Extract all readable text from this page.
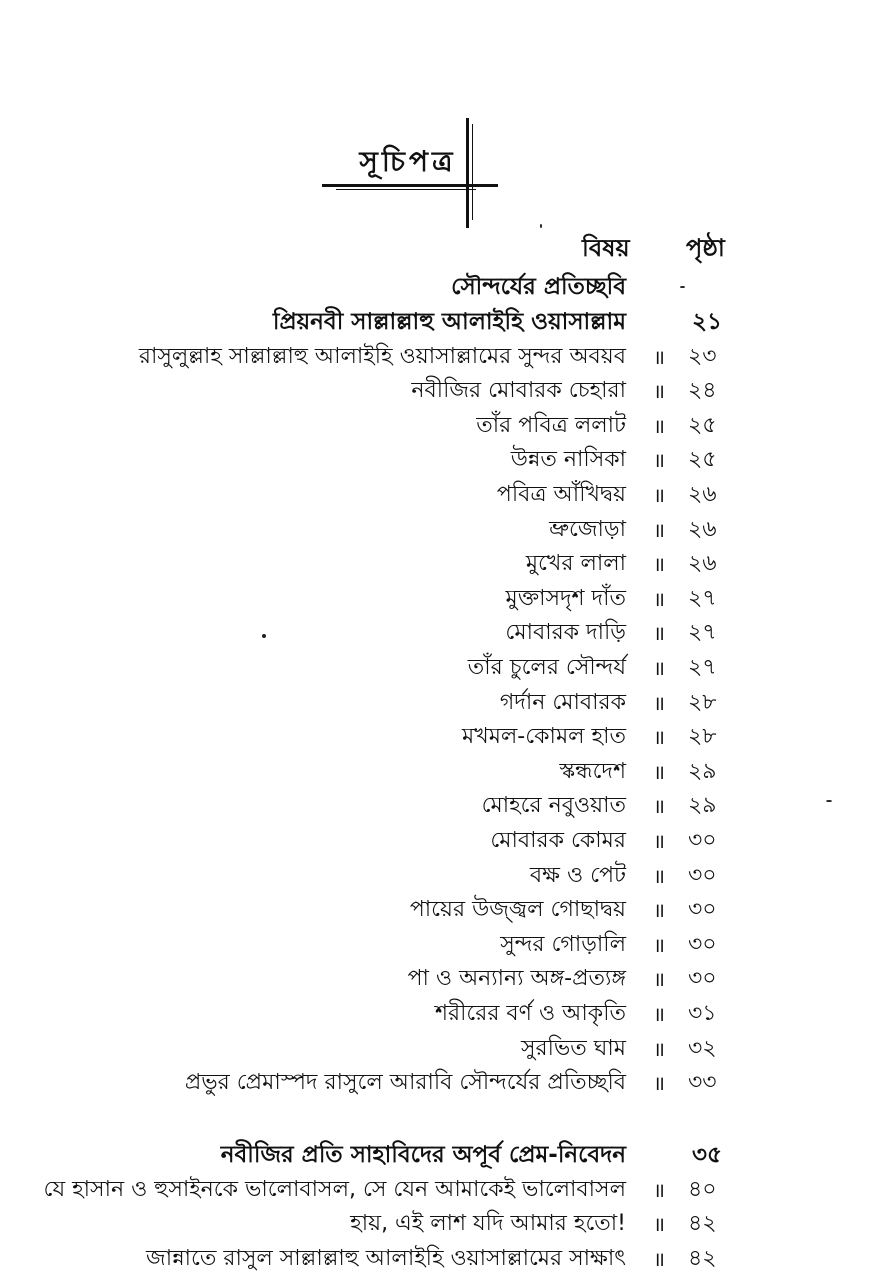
সূচিপত্র
বিষয় পৃষ্ঠা
সৌন্দর্যের প্রতিচ্ছবি
প্রিয়নবী সাল্লাল্লাহু আলাইহি ওয়াসাল্লাম	২১
রাসুলুল্লাহ সাল্লাল্লাহু আলাইহি ওয়াসাল্লামের সুন্দর অবয়ব ॥ ২৩
নবীজির মোবারক চেহারা ॥ ২৪
তাঁর পবিত্র ললাট ॥ ২৫
উন্নত নাসিকা ॥ ২৫
পবিত্র আঁখিদ্বয় ॥ ২৬
ভ্রুজোড়া ॥ ২৬
মুখের লালা ॥ ২৬
মুক্তাসদৃশ দাঁত ॥ ২৭
মোবারক দাড়ি ॥ ২৭
তাঁর চুলের সৌন্দর্য ॥ ২৭
গর্দান মোবারক ॥ ২৮
মখমল-কোমল হাত ॥ ২৮
স্কন্ধদেশ ॥ ২৯
মোহরে নবুওয়াত ॥ ২৯
মোবারক কোমর ॥ ৩০
বক্ষ ও পেট ॥ ৩০
পায়ের উজ্জ্বল গোছাদ্বয় ॥ ৩০
সুন্দর গোড়ালি ॥ ৩০
পা ও অন্যান্য অঙ্গ-প্রত্যঙ্গ ॥ ৩০
শরীরের বর্ণ ও আকৃতি ॥ ৩১
সুরভিত ঘাম ॥ ৩২
প্রভুর প্রেমাস্পদ রাসুলে আরাবি সৌন্দর্যের প্রতিচ্ছবি ॥ ৩৩
নবীজির প্রতি সাহাবিদের অপূর্ব প্রেম-নিবেদন	৩৫
যে হাসান ও হুসাইনকে ভালোবাসল, সে যেন আমাকেই ভালোবাসল ॥ ৪০
হায়, এই লাশ যদি আমার হতো! ॥ ৪২
জান্নাতে রাসুল সাল্লাল্লাহু আলাইহি ওয়াসাল্লামের সাক্ষাৎ ॥ ৪২
